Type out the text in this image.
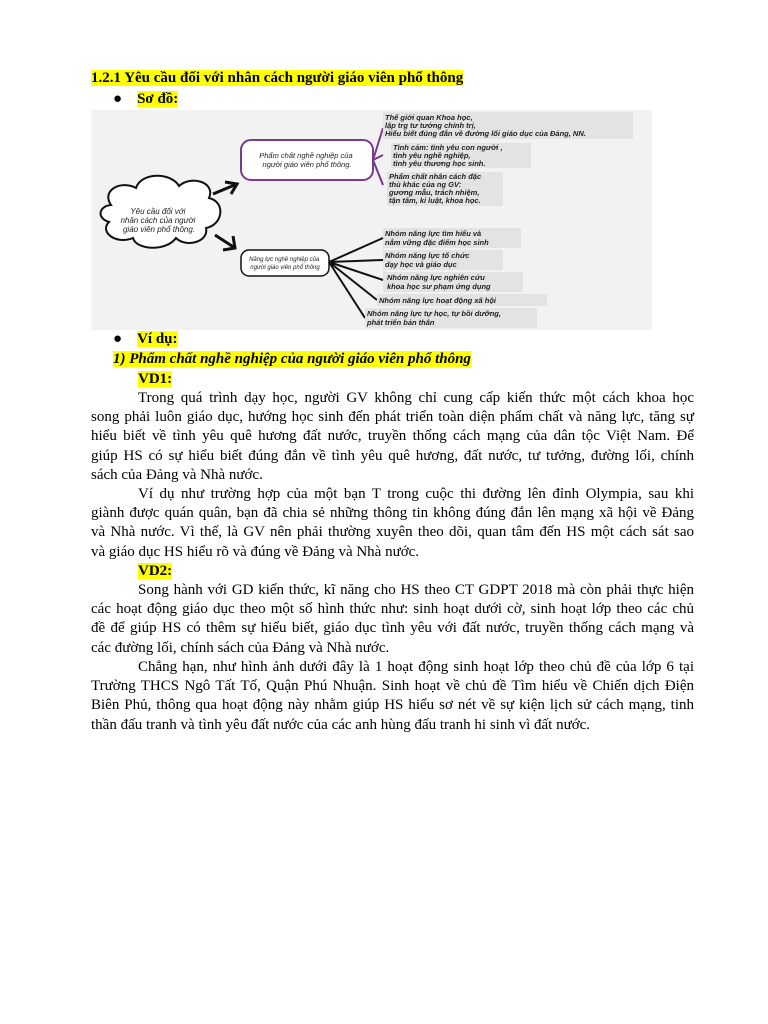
1.2.1 Yêu cầu đối với nhân cách người giáo viên phổ thông
● Sơ đồ:
Yêu cầu đối với nhân cách của người giáo viên phổ thông.
Phẩm chất nghề nghiệp của người giáo viên phổ thông.
Năng lực nghề nghiệp của người giáo viên phổ thông
Thế giới quan Khoa học, lập trg tư tưởng chính trị, Hiểu biết đúng đắn về đường lối giáo dục của Đảng, NN.
Tình cảm: tình yêu con người , tình yêu nghề nghiệp, tình yêu thương học sinh.
Phẩm chất nhân cách đặc thù khác của ng GV: gương mẫu, trách nhiệm, tận tâm, kỉ luật, khoa học.
Nhóm năng lực tìm hiểu và nắm vững đặc điểm học sinh
Nhóm năng lực tổ chức dạy học và giáo dục
Nhóm năng lực nghiên cứu khoa học sư phạm ứng dụng
Nhóm năng lực hoạt động xã hội
Nhóm năng lực tự học, tự bồi dưỡng, phát triển bản thân
● Ví dụ:
1) Phẩm chất nghề nghiệp của người giáo viên phổ thông
VD1:
Trong quá trình dạy học, người GV không chỉ cung cấp kiến thức một cách khoa học
song phải luôn giáo dục, hướng học sinh đến phát triển toàn diện phẩm chất và năng lực, tăng sự
hiểu biết về tình yêu quê hương đất nước, truyền thống cách mạng của dân tộc Việt Nam. Để
giúp HS có sự hiểu biết đúng đắn về tình yêu quê hương, đất nước, tư tưởng, đường lối, chính
sách của Đảng và Nhà nước.
Ví dụ như trường hợp của một bạn T trong cuộc thi đường lên đỉnh Olympia, sau khi
giành được quán quân, bạn đã chia sẻ những thông tin không đúng đắn lên mạng xã hội về Đảng
và Nhà nước. Vì thế, là GV nên phải thường xuyên theo dõi, quan tâm đến HS một cách sát sao
và giáo dục HS hiểu rõ và đúng về Đảng và Nhà nước.
VD2:
Song hành với GD kiến thức, kĩ năng cho HS theo CT GDPT 2018 mà còn phải thực hiện
các hoạt động giáo dục theo một số hình thức như: sinh hoạt dưới cờ, sinh hoạt lớp theo các chủ
đề để giúp HS có thêm sự hiểu biết, giáo dục tình yêu với đất nước, truyền thống cách mạng và
các đường lối, chính sách của Đảng và Nhà nước.
Chẳng hạn, như hình ảnh dưới đây là 1 hoạt động sinh hoạt lớp theo chủ đề của lớp 6 tại
Trường THCS Ngô Tất Tố, Quận Phú Nhuận. Sinh hoạt về chủ đề Tìm hiểu về Chiến dịch Điện
Biên Phủ, thông qua hoạt động này nhằm giúp HS hiểu sơ nét về sự kiện lịch sử cách mạng, tinh
thần đấu tranh và tình yêu đất nước của các anh hùng đấu tranh hi sinh vì đất nước.
